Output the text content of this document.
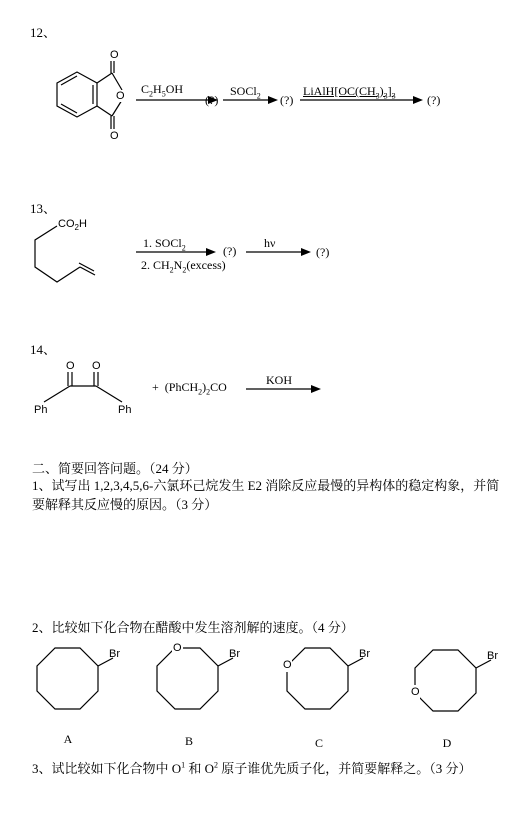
12、
O
O
O
$C_2H_5OH$
(?)
SOCl$_2$ (?)
$LiAlH[OC(CH_3)_3]_3$	(?)
13、
$CO_2H$
1. SOCl$_2$
2. $CH_2N_2(excess)$
(?)
hν
(?)
14、
O O
Ph	Ph
+  $(PhCH_2)_2CO$	KOH
二、简要回答问题。（24 分）
1、试写出 1,2,3,4,5,6-六氯环己烷发生 E2 消除反应最慢的异构体的稳定构象，并简要解释其反应慢的原因。（3 分）
2、比较如下化合物在醋酸中发生溶剂解的速度。（4 分）
Br	Br
O	Br
O
Br
O
A	B	C	D
3、试比较如下化合物中 $O^1$ 和 $O^2$ 原子谁优先质子化，并简要解释之。（3 分）
